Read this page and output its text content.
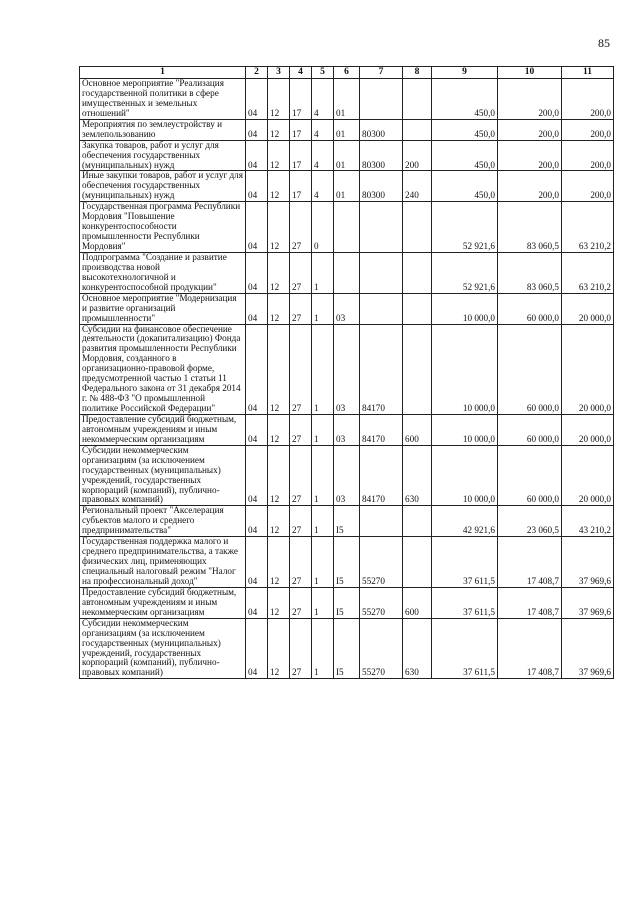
85
1	2	3	4	5	6	7	8	9	10	11
Основное мероприятие "Реализация государственной политики в сфере имущественных и земельных отношений"	04	12	17	4	01			450,0	200,0	200,0
Мероприятия по землеустройству и землепользованию	04	12	17	4	01	80300		450,0	200,0	200,0
Закупка товаров, работ и услуг для обеспечения государственных (муниципальных) нужд	04	12	17	4	01	80300	200	450,0	200,0	200,0
Иные закупки товаров, работ и услуг для обеспечения государственных (муниципальных) нужд	04	12	17	4	01	80300	240	450,0	200,0	200,0
Государственная программа Республики Мордовия "Повышение конкурентоспособности промышленности Республики Мордовия"	04	12	27	0				52 921,6	83 060,5	63 210,2
Подпрограмма "Создание и развитие производства новой высокотехнологичной и конкурентоспособной продукции"	04	12	27	1				52 921,6	83 060,5	63 210,2
Основное мероприятие "Модернизация и развитие организаций промышленности"	04	12	27	1	03			10 000,0	60 000,0	20 000,0
Субсидии на финансовое обеспечение деятельности (докапитализацию) Фонда развития промышленности Республики Мордовия, созданного в организационно-правовой форме, предусмотренной частью 1 статьи 11 Федерального закона от 31 декабря 2014 г. № 488-ФЗ "О промышленной политике Российской Федерации"	04	12	27	1	03	84170		10 000,0	60 000,0	20 000,0
Предоставление субсидий бюджетным, автономным учреждениям и иным некоммерческим организациям	04	12	27	1	03	84170	600	10 000,0	60 000,0	20 000,0
Субсидии некоммерческим организациям (за исключением государственных (муниципальных) учреждений, государственных корпораций (компаний), публично-правовых компаний)	04	12	27	1	03	84170	630	10 000,0	60 000,0	20 000,0
Региональный проект "Акселерация субъектов малого и среднего предпринимательства"	04	12	27	1	I5			42 921,6	23 060,5	43 210,2
Государственная поддержка малого и среднего предпринимательства, а также физических лиц, применяющих специальный налоговый режим "Налог на профессиональный доход"	04	12	27	1	I5	55270		37 611,5	17 408,7	37 969,6
Предоставление субсидий бюджетным, автономным учреждениям и иным некоммерческим организациям	04	12	27	1	I5	55270	600	37 611,5	17 408,7	37 969,6
Субсидии некоммерческим организациям (за исключением государственных (муниципальных) учреждений, государственных корпораций (компаний), публично-правовых компаний)	04	12	27	1	I5	55270	630	37 611,5	17 408,7	37 969,6
